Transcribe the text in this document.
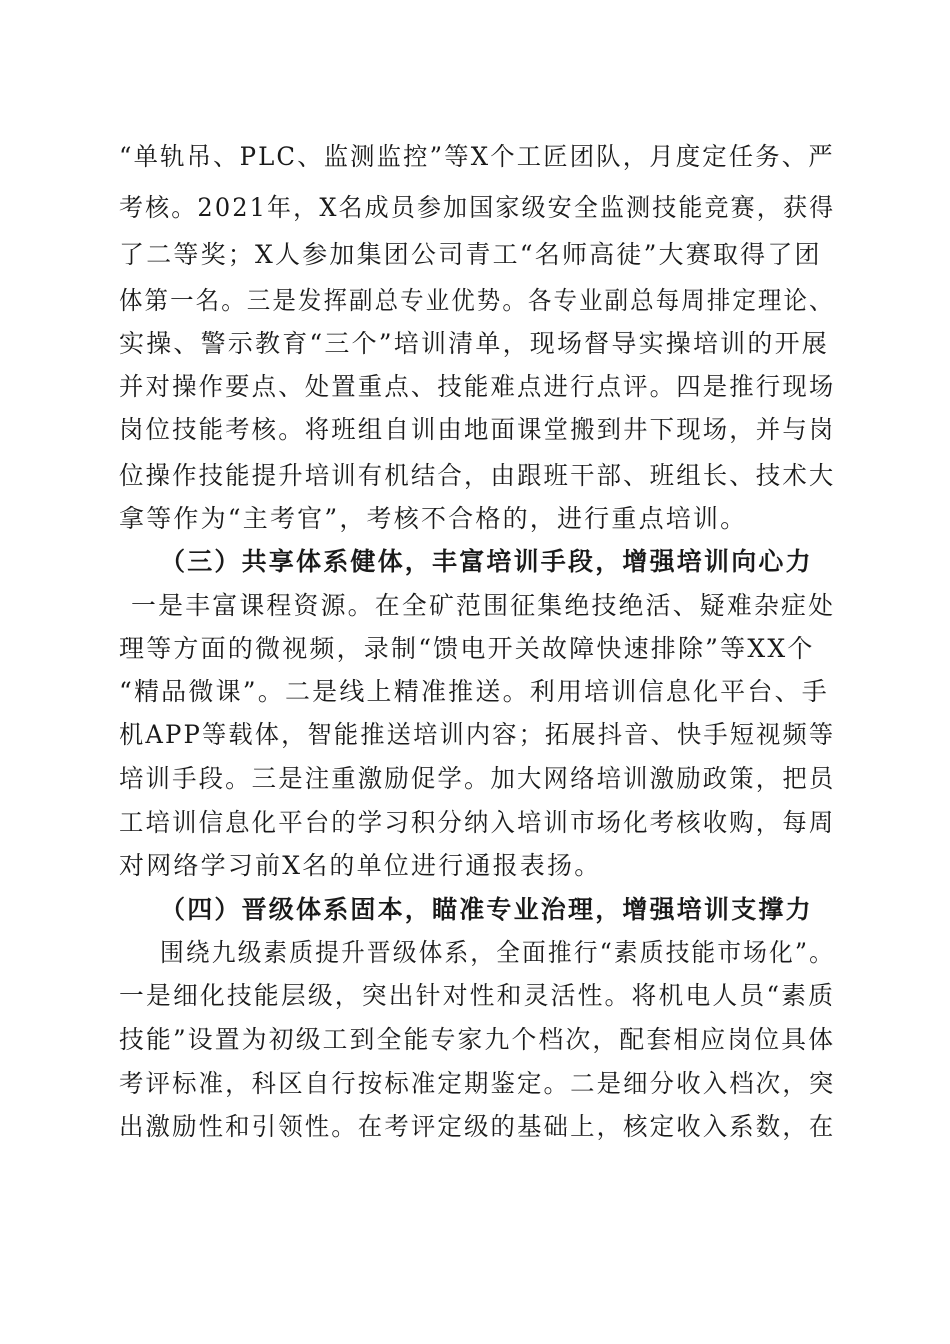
“单轨吊、PLC、监测监控”等X个工匠团队，月度定任务、严
考核。2021年，X名成员参加国家级安全监测技能竞赛，获得
了二等奖；X人参加集团公司青工“名师高徒”大赛取得了团
体第一名。三是发挥副总专业优势。各专业副总每周排定理论、
实操、警示教育“三个”培训清单，现场督导实操培训的开展
并对操作要点、处置重点、技能难点进行点评。四是推行现场
岗位技能考核。将班组自训由地面课堂搬到井下现场，并与岗
位操作技能提升培训有机结合，由跟班干部、班组长、技术大
拿等作为“主考官”，考核不合格的，进行重点培训。
（三）共享体系健体，丰富培训手段，增强培训向心力
一是丰富课程资源。在全矿范围征集绝技绝活、疑难杂症处
理等方面的微视频，录制“馈电开关故障快速排除”等XX个
“精品微课”。二是线上精准推送。利用培训信息化平台、手
机APP等载体，智能推送培训内容；拓展抖音、快手短视频等
培训手段。三是注重激励促学。加大网络培训激励政策，把员
工培训信息化平台的学习积分纳入培训市场化考核收购，每周
对网络学习前X名的单位进行通报表扬。
（四）晋级体系固本，瞄准专业治理，增强培训支撑力
围绕九级素质提升晋级体系，全面推行“素质技能市场化”。
一是细化技能层级，突出针对性和灵活性。将机电人员“素质
技能”设置为初级工到全能专家九个档次，配套相应岗位具体
考评标准，科区自行按标准定期鉴定。二是细分收入档次，突
出激励性和引领性。在考评定级的基础上，核定收入系数，在
